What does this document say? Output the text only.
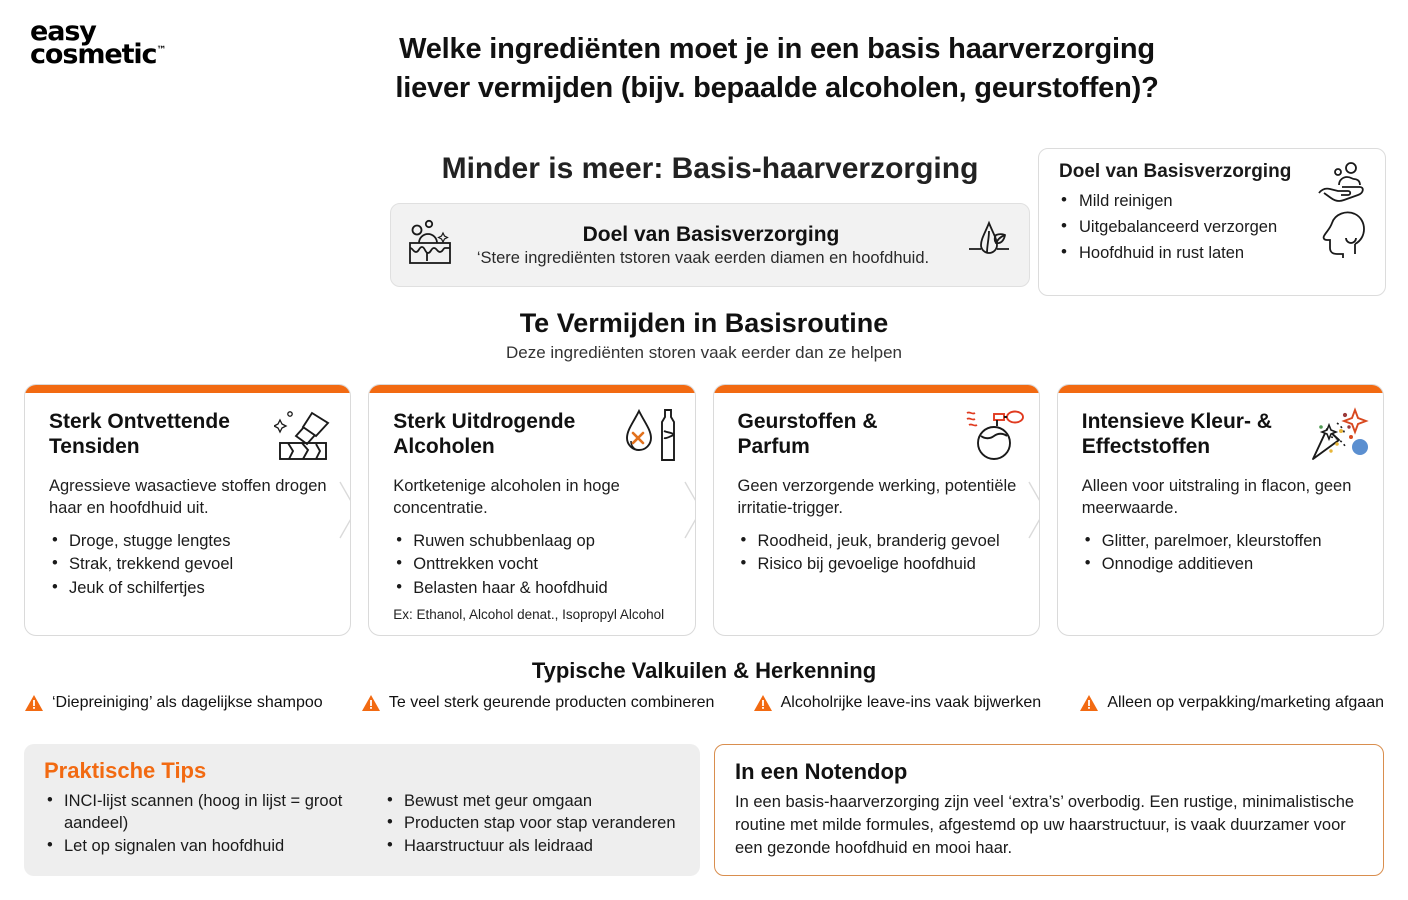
easy
cosmetic™	Welke ingrediënten moet je in een basis haarverzorging
liever vermijden (bijv. bepaalde alcoholen, geurstoffen)?
Minder is meer: Basis-haarverzorging
Doel van Basisverzorging
‘Stere ingrediënten tstoren vaak eerden diamen en hoofdhuid.
Doel van Basisverzorging
• Mild reinigen
• Uitgebalanceerd verzorgen
• Hoofdhuid in rust laten

Te Vermijden in Basisroutine

Deze ingrediënten storen vaak eerder dan ze helpen

Sterk Ontvettende Tensiden
Agressieve wasactieve stoffen drogen haar en hoofdhuid uit.
• Droge, stugge lengtes
• Strak, trekkend gevoel
• Jeuk of schilfertjes
Sterk Uitdrogende Alcoholen
Kortketenige alcoholen in hoge concentratie.
• Ruwen schubbenlaag op
• Onttrekken vocht
• Belasten haar & hoofdhuid
Ex: Ethanol, Alcohol denat., Isopropyl Alcohol
Geurstoffen & Parfum
Geen verzorgende werking, potentiële irritatie-trigger.
• Roodheid, jeuk, branderig gevoel
• Risico bij gevoelige hoofdhuid
Intensieve Kleur- & Effectstoffen
Alleen voor uitstraling in flacon, geen meerwaarde.
• Glitter, parelmoer, kleurstoffen
• Onnodige additieven
Typische Valkuilen & Herkenning
‘Diepreiniging’ als dagelijkse shampoo	Te veel sterk geurende producten combineren	Alcoholrijke leave-ins vaak bijwerken	Alleen op verpakking/marketing afgaan
Praktische Tips
• INCI-lijst scannen (hoog in lijst = groot aandeel)
• Let op signalen van hoofdhuid
• Bewust met geur omgaan
• Producten stap voor stap veranderen
• Haarstructuur als leidraad
In een Notendop

In een basis-haarverzorging zijn veel ‘extra’s’ overbodig. Een rustige, minimalistische routine met milde formules, afgestemd op uw haarstructuur, is vaak duurzamer voor een gezonde hoofdhuid en mooi haar.
